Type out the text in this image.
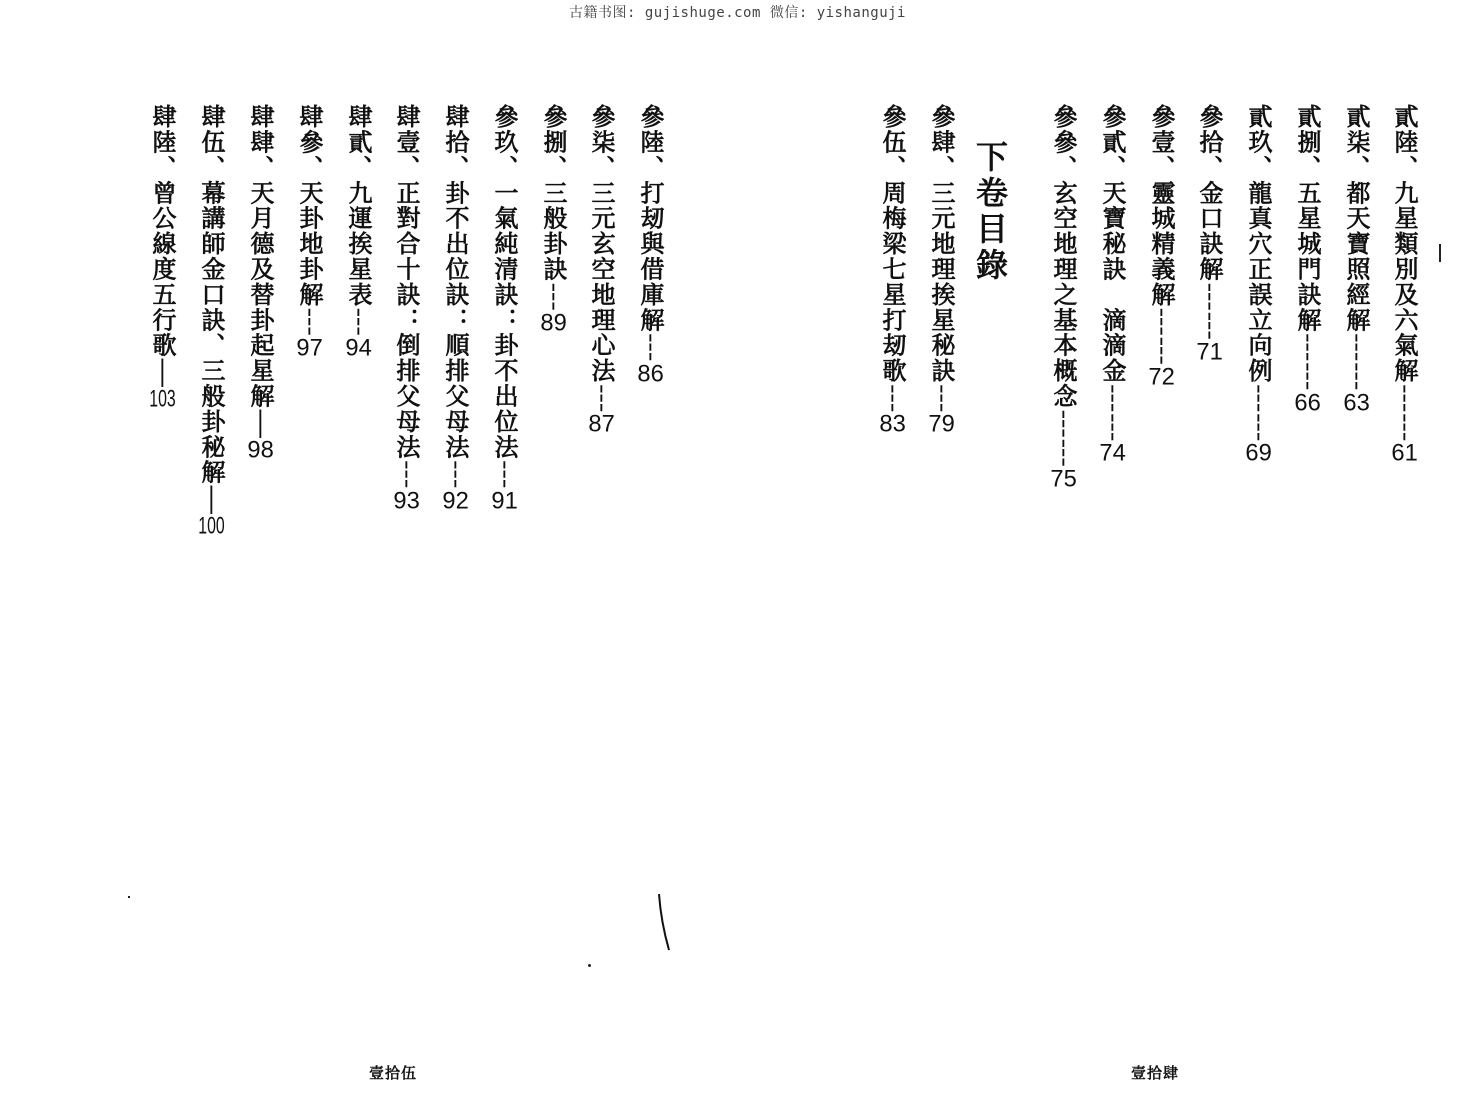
古籍书图: gujishuge.com 微信: yishanguji
貳陸、九星類別及六氣解┆┆61
貳柒、都天寶照經解┆┆63
貳捌、五星城門訣解┆┆66
貳玖、龍真穴正誤立向例┆┆69
參拾、金口訣解┆┆71
參壹、靈城精義解┆┆72
參貳、天寶秘訣　滴滴金┆┆74
參參、玄空地理之基本概念┆┆75
下卷目錄
參肆、三元地理挨星秘訣┆79
參伍、周梅梁七星打刼歌┆83
壹拾肆
參陸、打刼與借庫解┆86
參柒、三元玄空地理心法┆87
參捌、三般卦訣┆89
參玖、一氣純清訣：卦不出位法┆91
肆拾、卦不出位訣：順排父母法┆92
肆壹、正對合十訣：倒排父母法┆93
肆貳、九運挨星表┆94
肆參、天卦地卦解┆97
肆肆、天月德及替卦起星解│98
肆伍、幕講師金口訣、三般卦秘解│100
肆陸、曾公線度五行歌│103
壹拾伍
